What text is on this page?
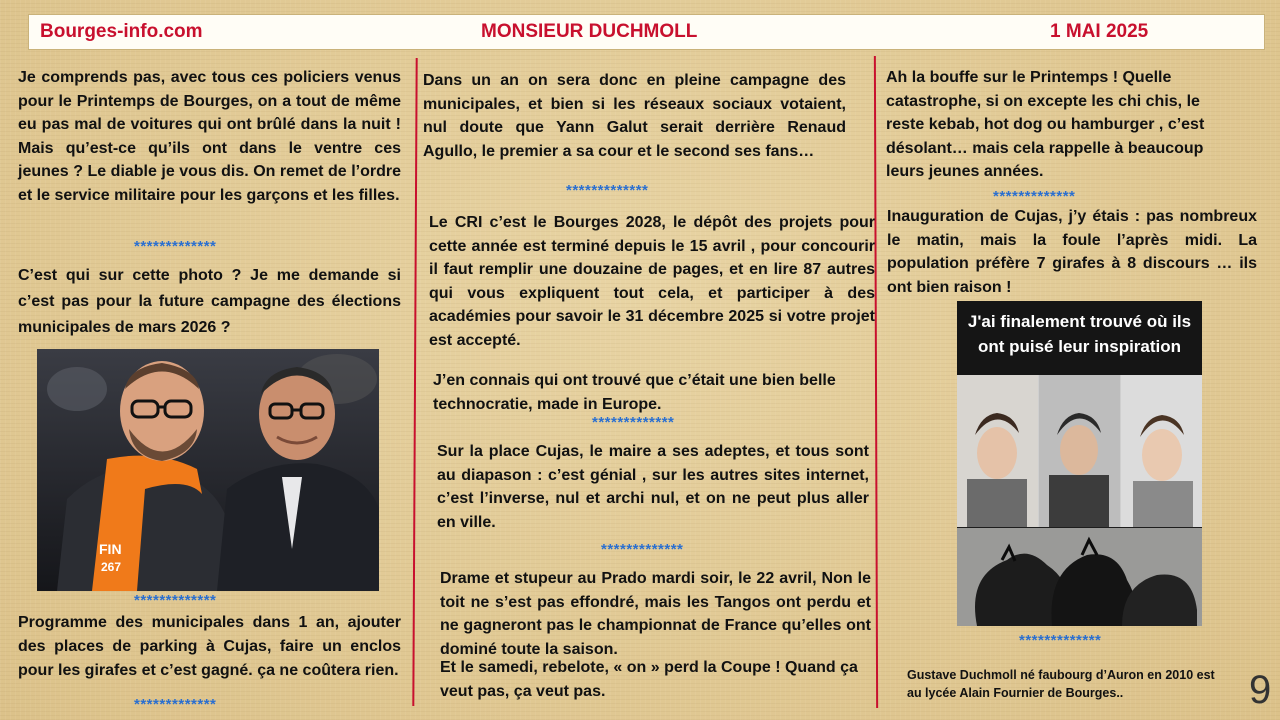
Bourges-info.com	MONSIEUR DUCHMOLL	1 MAI 2025
Je comprends pas, avec tous ces policiers venus pour le Printemps de Bourges, on a tout de même eu pas mal de voitures qui ont brûlé dans la nuit ! Mais qu’est-ce qu’ils ont dans le ventre ces jeunes ? Le diable je vous dis. On remet de l’ordre et le service militaire pour les garçons et les filles.
*************
C’est qui sur cette photo ? Je me demande si c’est pas pour la future campagne des élections municipales de mars 2026 ?
FIN
267
*************
Programme des municipales dans 1 an, ajouter des places de parking à Cujas, faire un enclos pour les girafes et c’est gagné. ça ne coûtera rien.
*************
Dans un an on sera donc en pleine campagne des municipales, et bien si les réseaux sociaux votaient, nul doute que Yann Galut serait derrière Renaud Agullo, le premier a sa cour et le second ses fans…
*************
Le CRI c’est le Bourges 2028, le dépôt des projets pour cette année est terminé depuis le 15 avril , pour concourir il faut remplir une douzaine de pages, et en lire 87 autres qui vous expliquent tout cela, et participer à des académies pour savoir le 31 décembre 2025 si votre projet est accepté.
J’en connais qui ont trouvé que c’était une bien belle technocratie, made in Europe.
*************
Sur la place Cujas, le maire a ses adeptes, et tous sont au diapason : c’est génial , sur les autres sites internet, c’est l’inverse, nul et archi nul, et on ne peut plus aller en ville.
*************
Drame et stupeur au Prado mardi soir, le 22 avril, Non le toit ne s’est pas effondré, mais les Tangos ont perdu et ne gagneront pas le championnat de France qu’elles ont dominé toute la saison.
Et le samedi, rebelote, « on » perd la Coupe ! Quand ça veut pas, ça veut pas.
Ah la bouffe sur le Printemps ! Quelle catastrophe, si on excepte les chi chis, le reste kebab, hot dog ou hamburger , c’est désolant… mais cela rappelle à beaucoup leurs jeunes années.
*************
Inauguration de Cujas, j’y étais : pas nombreux le matin, mais la foule l’après midi. La population préfère 7 girafes à 8 discours … ils ont bien raison !
J'ai finalement trouvé où ils ont puisé leur inspiration
*************
Gustave Duchmoll né faubourg d’Auron en 2010 est au lycée Alain Fournier de Bourges..	9
